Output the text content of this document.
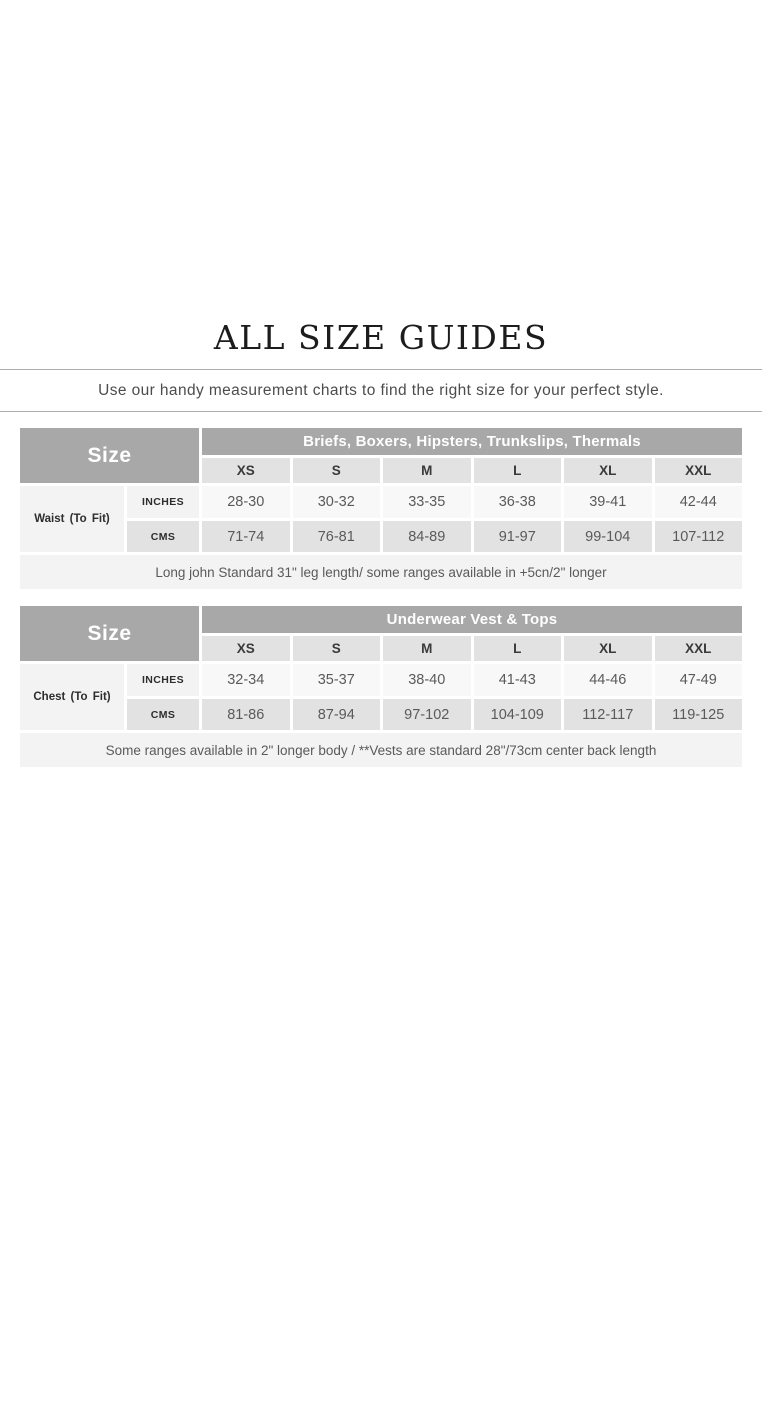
ALL SIZE GUIDES
Use our handy measurement charts to find the right size for your perfect style.
Size
Briefs, Boxers, Hipsters, Trunkslips, Thermals
XS	S	M	L	XL	XXL
Waist (To Fit)
INCHES	28-30	30-32	33-35	36-38	39-41	42-44
CMS	71-74	76-81	84-89	91-97	99-104	107-112
Long john Standard 31" leg length/ some ranges available in +5cn/2" longer
Size
Underwear Vest & Tops
XS	S	M	L	XL	XXL
Chest (To Fit)
INCHES	32-34	35-37	38-40	41-43	44-46	47-49
CMS	81-86	87-94	97-102	104-109	112-117	119-125
Some ranges available in 2" longer body / **Vests are standard 28"/73cm center back length
